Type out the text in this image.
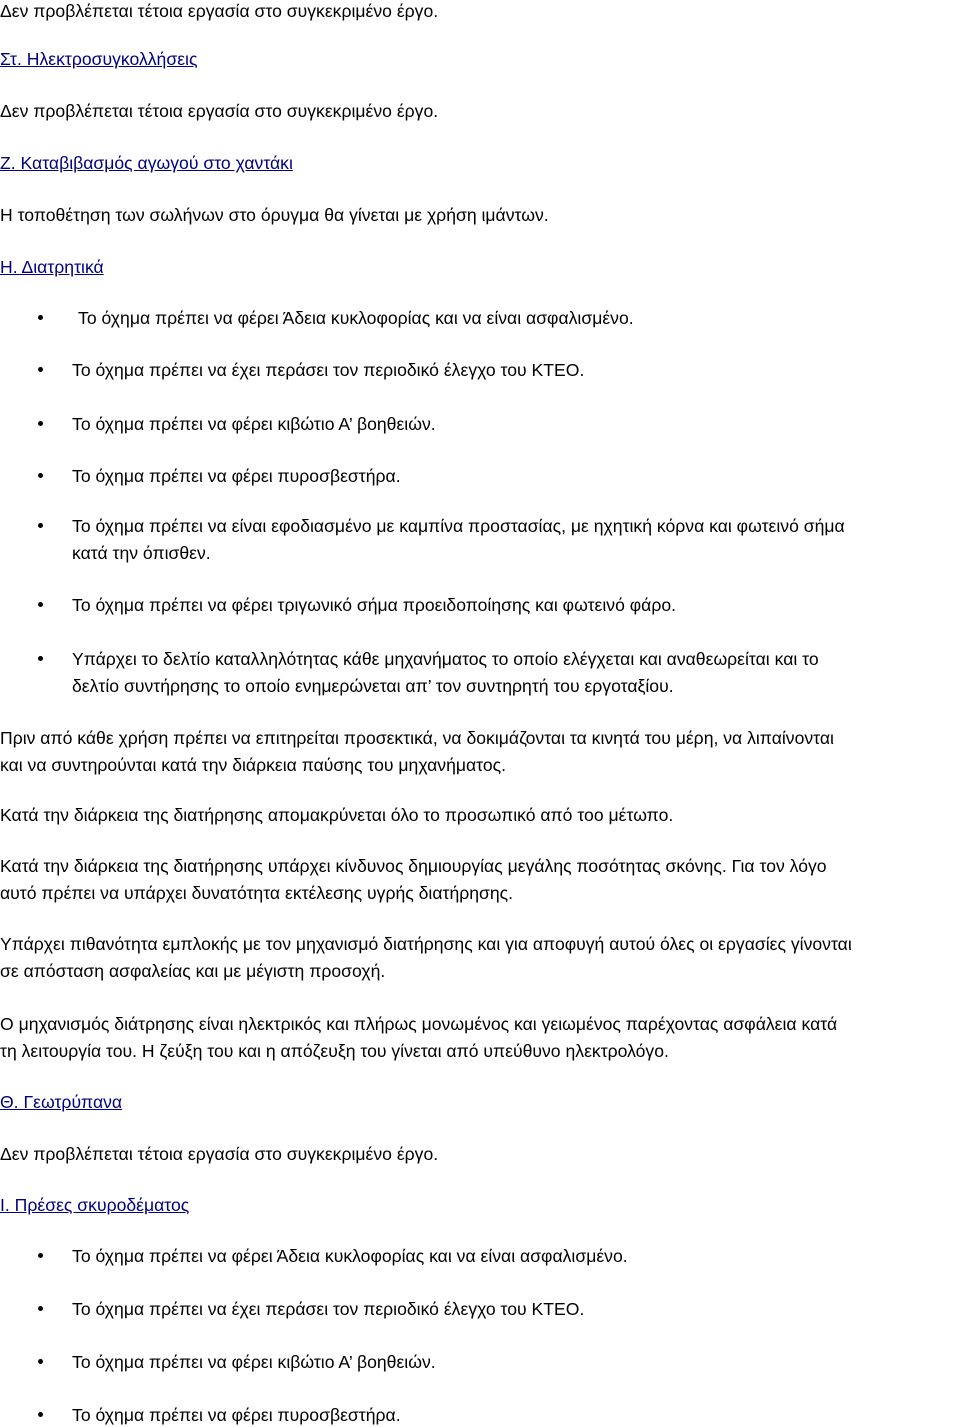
Δεν προβλέπεται τέτοια εργασία στο συγκεκριμένο έργο.
Στ. Ηλεκτροσυγκολλήσεις
Δεν προβλέπεται τέτοια εργασία στο συγκεκριμένο έργο.
Ζ. Καταβιβασμός αγωγού στο χαντάκι
Η τοποθέτηση των σωλήνων στο όρυγμα θα γίνεται με χρήση ιμάντων.
Η. Διατρητικά
Το όχημα πρέπει να φέρει Άδεια κυκλοφορίας και να είναι ασφαλισμένο.
Το όχημα πρέπει να έχει περάσει τον περιοδικό έλεγχο του ΚΤΕΟ.
Το όχημα πρέπει να φέρει κιβώτιο Α’ βοηθειών.
Το όχημα πρέπει να φέρει πυροσβεστήρα.
Το όχημα πρέπει να είναι εφοδιασμένο με καμπίνα προστασίας, με ηχητική κόρνα και φωτεινό σήμα
κατά την όπισθεν.
Το όχημα πρέπει να φέρει τριγωνικό σήμα προειδοποίησης και φωτεινό φάρο.
Υπάρχει το δελτίο καταλληλότητας κάθε μηχανήματος το οποίο ελέγχεται και αναθεωρείται και το
δελτίο συντήρησης το οποίο ενημερώνεται απ’ τον συντηρητή του εργοταξίου.
Πριν από κάθε χρήση πρέπει να επιτηρείται προσεκτικά, να δοκιμάζονται τα κινητά του μέρη, να λιπαίνονται
και να συντηρούνται κατά την διάρκεια παύσης του μηχανήματος.
Κατά την διάρκεια της διατήρησης απομακρύνεται όλο το προσωπικό από τοο μέτωπο.
Κατά την διάρκεια της διατήρησης υπάρχει κίνδυνος δημιουργίας μεγάλης ποσότητας σκόνης. Για τον λόγο
αυτό πρέπει να υπάρχει δυνατότητα εκτέλεσης υγρής διατήρησης.
Υπάρχει πιθανότητα εμπλοκής με τον μηχανισμό διατήρησης και για αποφυγή αυτού όλες οι εργασίες γίνονται
σε απόσταση ασφαλείας και με μέγιστη προσοχή.
Ο μηχανισμός διάτρησης είναι ηλεκτρικός και πλήρως μονωμένος και γειωμένος παρέχοντας ασφάλεια κατά
τη λειτουργία του. Η ζεύξη του και η απόζευξη του γίνεται από υπεύθυνο ηλεκτρολόγο.
Θ. Γεωτρύπανα
Δεν προβλέπεται τέτοια εργασία στο συγκεκριμένο έργο.
Ι. Πρέσες σκυροδέματος
Το όχημα πρέπει να φέρει Άδεια κυκλοφορίας και να είναι ασφαλισμένο.
Το όχημα πρέπει να έχει περάσει τον περιοδικό έλεγχο του ΚΤΕΟ.
Το όχημα πρέπει να φέρει κιβώτιο Α’ βοηθειών.
Το όχημα πρέπει να φέρει πυροσβεστήρα.
